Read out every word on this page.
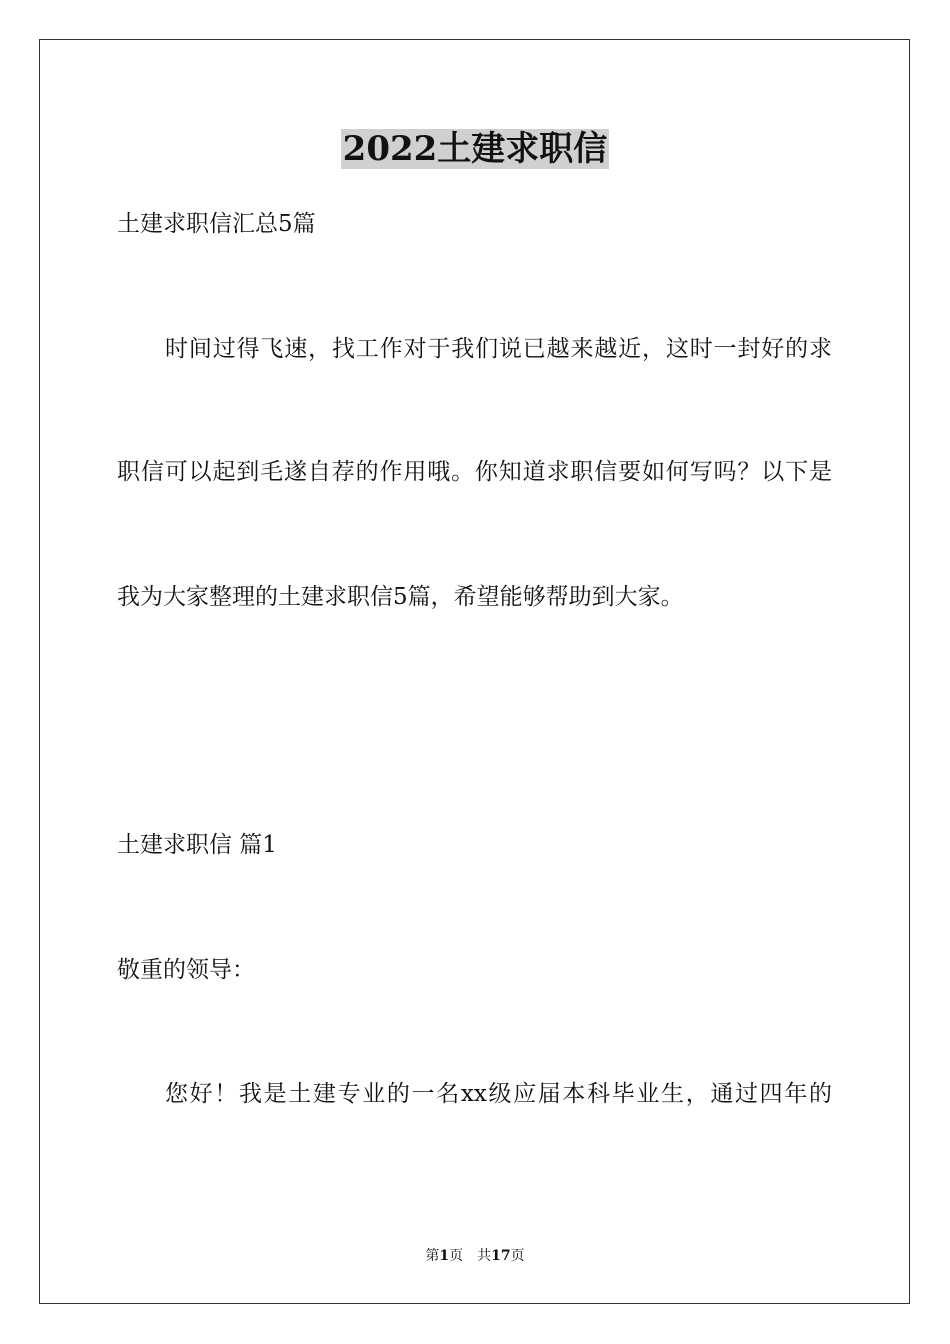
2022土建求职信
土建求职信汇总5篇
时间过得飞速，找工作对于我们说已越来越近，这时一封好的求
职信可以起到毛遂自荐的作用哦。你知道求职信要如何写吗？以下是
我为大家整理的土建求职信5篇，希望能够帮助到大家。
土建求职信 篇1
敬重的领导：
您好！我是土建专业的一名xx级应届本科毕业生，通过四年的
第1页　共17页
